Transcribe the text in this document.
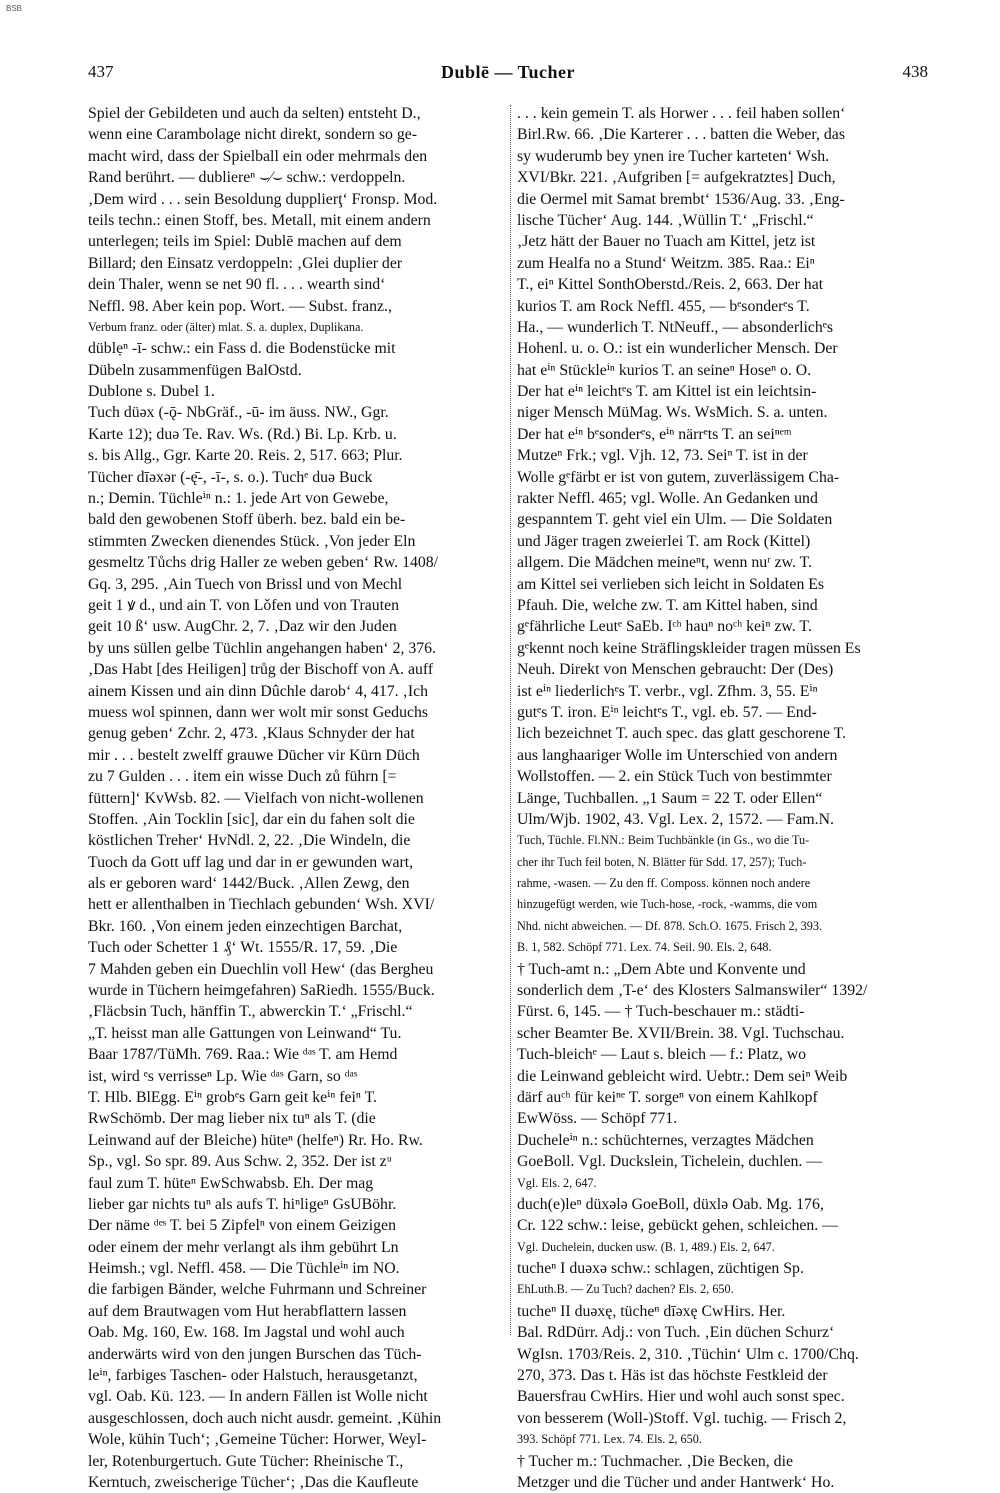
BSB
437	Dublē — Tucher	438
Spiel der Gebildeten und auch da selten) entsteht D.,
wenn eine Carambolage nicht direkt, sondern so ge-
macht wird, dass der Spielball ein oder mehrmals den
Rand berührt. — dubliereⁿ ⌣⁄⌣ schw.: verdoppeln.
‚Dem wird . . . sein Besoldung dupplierţ‘ Fronsp. Mod.
teils techn.: einen Stoff, bes. Metall, mit einem andern
unterlegen; teils im Spiel: Dublē machen auf dem
Billard; den Einsatz verdoppeln: ‚Glei duplier der
dein Thaler, wenn se net 90 fl. . . . wearth sind‘
Neffl. 98. Aber kein pop. Wort. — Subst. franz.,
Verbum franz. oder (älter) mlat. S. a. duplex, Duplikana.
düblẹⁿ -ī- schw.: ein Fass d. die Bodenstücke mit
Dübeln zusammenfügen BalOstd.
Dublone s. Dubel 1.
Tuch düəx (-ǭ- NbGräf., -ū- im äuss. NW., Ggr.
Karte 12); duə Te. Rav. Ws. (Rd.) Bi. Lp. Krb. u.
s. bis Allg., Ggr. Karte 20. Reis. 2, 517. 663; Plur.
Tücher dīəxər (-ę̄-, -ī-, s. o.). Tuchᵉ duə Buck
n.; Demin. Tüchleⁱⁿ n.: 1. jede Art von Gewebe,
bald den gewobenen Stoff überh. bez. bald ein be-
stimmten Zwecken dienendes Stück. ‚Von jeder Eln
gesmeltz Tůchs drig Haller ze weben geben‘ Rw. 1408/
Gq. 3, 295. ‚Ain Tuech von Brissl und von Mechl
geit 1 ꝟ d., und ain T. von Lǒfen und von Trauten
geit 10 ß‘ usw. AugChr. 2, 7. ‚Daz wir den Juden
by uns süllen gelbe Tüchlin angehangen haben‘ 2, 376.
‚Das Habt [des Heiligen] trůg der Bischoff von A. auff
ainem Kissen und ain dinn Dûchle darob‘ 4, 417. ‚Ich
muess wol spinnen, dann wer wolt mir sonst Geduchs
genug geben‘ Zchr. 2, 473. ‚Klaus Schnyder der hat
mir . . . bestelt zwelff grauwe Dücher vir Kürn Düch
zu 7 Gulden . . . item ein wisse Duch zů führn [=
füttern]‘ KvWsb. 82. — Vielfach von nicht-wollenen
Stoffen. ‚Ain Tocklin [sic], dar ein du fahen solt die
köstlichen Treher‘ HvNdl. 2, 22. ‚Die Windeln, die
Tuoch da Gott uff lag und dar in er gewunden wart,
als er geboren ward‘ 1442/Buck. ‚Allen Zewg, den
hett er allenthalben in Tiechlach gebunden‘ Wsh. XVI/
Bkr. 160. ‚Von einem jeden einzechtigen Barchat,
Tuch oder Schetter 1 ₰‘ Wt. 1555/R. 17, 59. ‚Die
7 Mahden geben ein Duechlin voll Hew‘ (das Bergheu
wurde in Tüchern heimgefahren) SaRiedh. 1555/Buck.
‚Fläcbsin Tuch, hänffin T., abwerckin T.‘ „Frischl.“
„T. heisst man alle Gattungen von Leinwand“ Tu.
Baar 1787/TüMh. 769. Raa.: Wie ᵈᵃˢ T. am Hemd
ist, wird ᵉs verrisseⁿ Lp. Wie ᵈᵃˢ Garn, so ᵈᵃˢ
T. Hlb. BlEgg. Eⁱⁿ grobᵉs Garn geit keⁱⁿ feiⁿ T.
RwSchömb. Der mag lieber nix tuⁿ als T. (die
Leinwand auf der Bleiche) hüteⁿ (helfeⁿ) Rr. Ho. Rw.
Sp., vgl. So spr. 89. Aus Schw. 2, 352. Der ist zᵘ
faul zum T. hüteⁿ EwSchwabsb. Eh. Der mag
lieber gar nichts tuⁿ als aufs T. hiⁿligeⁿ GsUBöhr.
Der näme ᵈᵉˢ T. bei 5 Zipfelⁿ von einem Geizigen
oder einem der mehr verlangt als ihm gebührt Ln
Heimsh.; vgl. Neffl. 458. — Die Tüchleⁱⁿ im NO.
die farbigen Bänder, welche Fuhrmann und Schreiner
auf dem Brautwagen vom Hut herabflattern lassen
Oab. Mg. 160, Ew. 168. Im Jagstal und wohl auch
anderwärts wird von den jungen Burschen das Tüch-
leⁱⁿ, farbiges Taschen- oder Halstuch, herausgetanzt,
vgl. Oab. Kü. 123. — In andern Fällen ist Wolle nicht
ausgeschlossen, doch auch nicht ausdr. gemeint. ‚Kühin
Wole, kühin Tuch‘; ‚Gemeine Tücher: Horwer, Weyl-
ler, Rotenburgertuch. Gute Tücher: Rheinische T.,
Kerntuch, zweischerige Tücher‘; ‚Das die Kaufleute
. . . kein gemein T. als Horwer . . . feil haben sollen‘
Birl.Rw. 66. ‚Die Karterer . . . batten die Weber, das
sy wuderumb bey ynen ire Tucher karteten‘ Wsh.
XVI/Bkr. 221. ‚Aufgriben [= aufgekratztes] Duch,
die Oermel mit Samat brembt‘ 1536/Aug. 33. ‚Eng-
lische Tücher‘ Aug. 144. ‚Wüllin T.‘ „Frischl.“
‚Jetz hätt der Bauer no Tuach am Kittel, jetz ist
zum Healfa no a Stund‘ Weitzm. 385. Raa.: Eiⁿ
T., eiⁿ Kittel SonthOberstd./Reis. 2, 663. Der hat
kurios T. am Rock Neffl. 455, — bᵉsonderᵉs T.
Ha., — wunderlich T. NtNeuff., — absonderlichᵉs
Hohenl. u. o. O.: ist ein wunderlicher Mensch. Der
hat eⁱⁿ Stückleⁱⁿ kurios T. an seineⁿ Hoseⁿ o. O.
Der hat eⁱⁿ leichtᵉs T. am Kittel ist ein leichtsin-
niger Mensch MüMag. Ws. WsMich. S. a. unten.
Der hat eⁱⁿ bᵉsonderᵉs, eⁱⁿ närrᵉts T. an seiⁿᵉᵐ
Mutzeⁿ Frk.; vgl. Vjh. 12, 73. Seiⁿ T. ist in der
Wolle gᵉfärbt er ist von gutem, zuverlässigem Cha-
rakter Neffl. 465; vgl. Wolle. An Gedanken und
gespanntem T. geht viel ein Ulm. — Die Soldaten
und Jäger tragen zweierlei T. am Rock (Kittel)
allgem. Die Mädchen meineⁿt, wenn nuʳ zw. T.
am Kittel sei verlieben sich leicht in Soldaten Es
Pfauh. Die, welche zw. T. am Kittel haben, sind
gᵉfährliche Leutᵉ SaEb. Iᶜʰ hauⁿ noᶜʰ keiⁿ zw. T.
gᵉkennt noch keine Sträflingskleider tragen müssen Es
Neuh. Direkt von Menschen gebraucht: Der (Des)
ist eⁱⁿ liederlichᵉs T. verbr., vgl. Zfhm. 3, 55. Eⁱⁿ
gutᵉs T. iron. Eⁱⁿ leichtᵉs T., vgl. eb. 57. — End-
lich bezeichnet T. auch spec. das glatt geschorene T.
aus langhaariger Wolle im Unterschied von andern
Wollstoffen. — 2. ein Stück Tuch von bestimmter
Länge, Tuchballen. „1 Saum = 22 T. oder Ellen“
Ulm/Wjb. 1902, 43. Vgl. Lex. 2, 1572. — Fam.N.
Tuch, Tüchle. Fl.NN.: Beim Tuchbänkle (in Gs., wo die Tu-
cher ihr Tuch feil boten, N. Blätter für Sdd. 17, 257); Tuch-
rahme, -wasen. — Zu den ff. Composs. können noch andere
hinzugefügt werden, wie Tuch-hose, -rock, -wamms, die vom
Nhd. nicht abweichen. — Df. 878. Sch.O. 1675. Frisch 2, 393.
B. 1, 582. Schöpf 771. Lex. 74. Seil. 90. Els. 2, 648.
† Tuch-amt n.: „Dem Abte und Konvente und
sonderlich dem ‚T-e‘ des Klosters Salmanswiler“ 1392/
Fürst. 6, 145. — † Tuch-beschauer m.: städti-
scher Beamter Be. XVII/Brein. 38. Vgl. Tuchschau.
Tuch-bleichᵉ — Laut s. bleich — f.: Platz, wo
die Leinwand gebleicht wird. Uebtr.: Dem seiⁿ Weib
därf auᶜʰ für keiⁿᵉ T. sorgeⁿ von einem Kahlkopf
EwWöss. — Schöpf 771.
Ducheleⁱⁿ n.: schüchternes, verzagtes Mädchen
GoeBoll. Vgl. Duckslein, Tichelein, duchlen. —
Vgl. Els. 2, 647.
duch(e)leⁿ düxələ GoeBoll, düxlə Oab. Mg. 176,
Cr. 122 schw.: leise, gebückt gehen, schleichen. —
Vgl. Duchelein, ducken usw. (B. 1, 489.) Els. 2, 647.
tucheⁿ I duəxə schw.: schlagen, züchtigen Sp.
EhLuth.B. — Zu Tuch? dachen? Els. 2, 650.
tucheⁿ II duəxę, tücheⁿ dīəxę CwHirs. Her.
Bal. RdDürr. Adj.: von Tuch. ‚Ein düchen Schurz‘
WgIsn. 1703/Reis. 2, 310. ‚Tüchin‘ Ulm c. 1700/Chq.
270, 373. Das t. Häs ist das höchste Festkleid der
Bauersfrau CwHirs. Hier und wohl auch sonst spec.
von besserem (Woll-)Stoff. Vgl. tuchig. — Frisch 2,
393. Schöpf 771. Lex. 74. Els. 2, 650.
† Tucher m.: Tuchmacher. ‚Die Becken, die
Metzger und die Tücher und ander Hantwerk‘ Ho.
